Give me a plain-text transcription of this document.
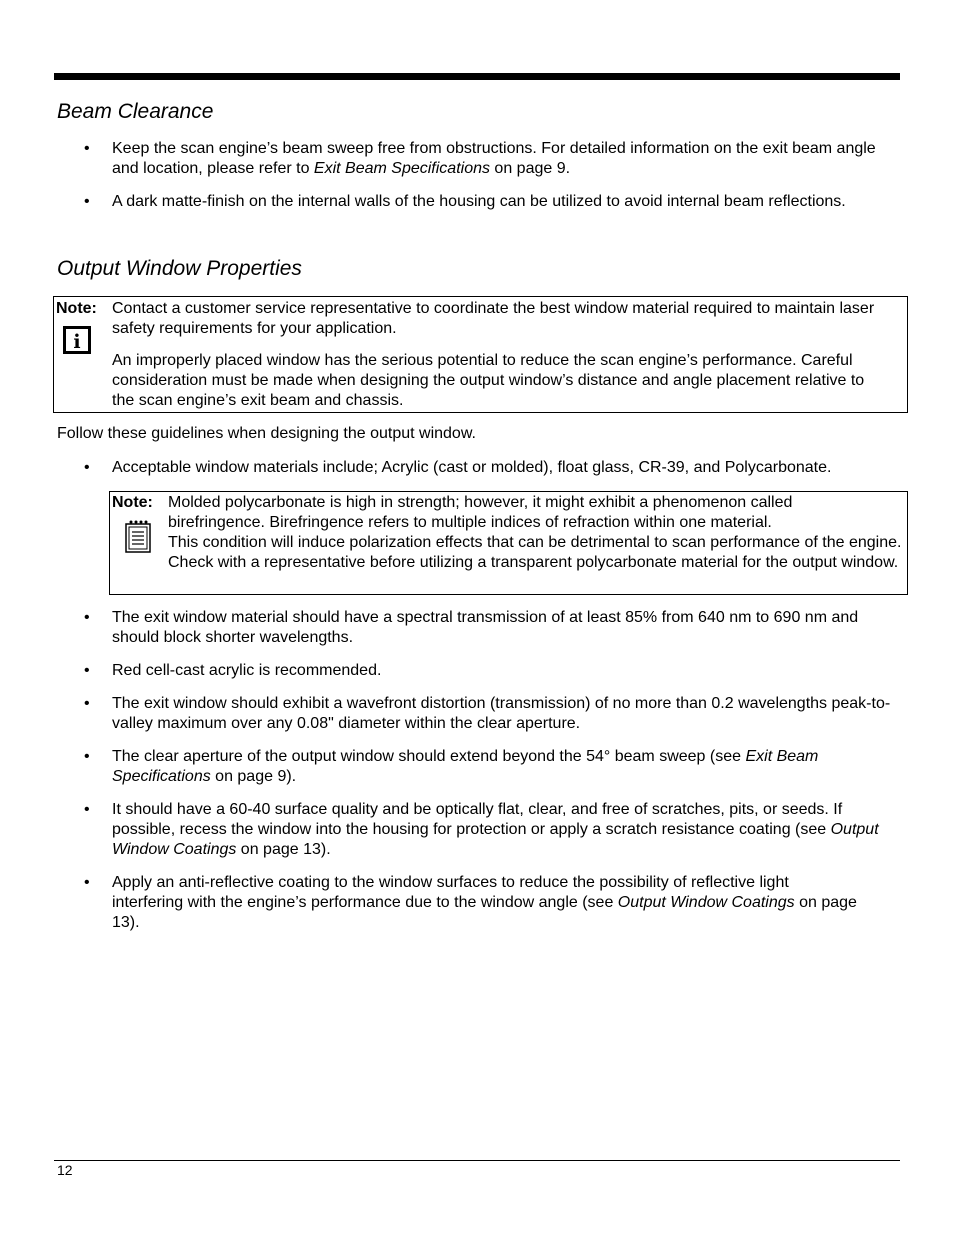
Beam Clearance
• Keep the scan engine’s beam sweep free from obstructions. For detailed information on the exit beam angle and location, please refer to Exit Beam Specifications on page 9.
• A dark matte-finish on the internal walls of the housing can be utilized to avoid internal beam reflections.
Output Window Properties
Note:
i
Contact a customer service representative to coordinate the best window material required to maintain laser safety requirements for your application.
An improperly placed window has the serious potential to reduce the scan engine’s performance. Careful consideration must be made when designing the output window’s distance and angle placement relative to the scan engine’s exit beam and chassis.
Follow these guidelines when designing the output window.
• Acceptable window materials include; Acrylic (cast or molded), float glass, CR-39, and Polycarbonate.
Note: Molded polycarbonate is high in strength; however, it might exhibit a phenomenon called birefringence. Birefringence refers to multiple indices of refraction within one material.
This condition will induce polarization effects that can be detrimental to scan performance of the engine. Check with a representative before utilizing a transparent polycarbonate material for the output window.
• The exit window material should have a spectral transmission of at least 85% from 640 nm to 690 nm and should block shorter wavelengths.
• Red cell-cast acrylic is recommended.
• The exit window should exhibit a wavefront distortion (transmission) of no more than 0.2 wavelengths peak-to-valley maximum over any 0.08" diameter within the clear aperture.
• The clear aperture of the output window should extend beyond the 54° beam sweep (see Exit Beam Specifications on page 9).
• It should have a 60-40 surface quality and be optically flat, clear, and free of scratches, pits, or seeds. If possible, recess the window into the housing for protection or apply a scratch resistance coating (see Output Window Coatings on page 13).
• Apply an anti-reflective coating to the window surfaces to reduce the possibility of reflective light interfering with the engine’s performance due to the window angle (see Output Window Coatings on page 13).
12
